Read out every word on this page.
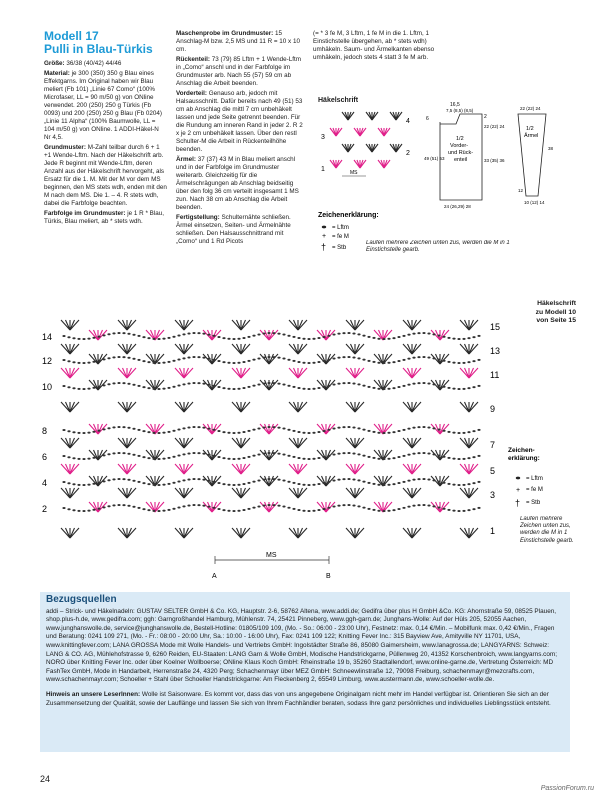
Modell 17
Pulli in Blau-Türkis

Größe: 36/38 (40/42) 44/46

Material: je 300 (350) 350 g Blau eines Effektgarns. Im Original haben wir Blau meliert (Fb 101) „Linie 67 Como“ (100% Microfaser, LL = 90 m/50 g) von ONline verwendet. 200 (250) 250 g Türkis (Fb 0093) und 200 (250) 250 g Blau (Fb 0204) „Linie 11 Alpha“ (100% Baumwolle, LL = 104 m/50 g) von ONline. 1 ADDI-Häkel-N Nr 4,5.

Grundmuster: M-Zahl teilbar durch 6 + 1 +1 Wende-Lftm. Nach der Häkelschrift arb. Jede R beginnt mit Wende-Lftm, deren Anzahl aus der Häkelschrift hervorgeht, als Ersatz für die 1. M. Mit der M vor dem MS beginnen, den MS stets wdh, enden mit den M nach dem MS. Die 1. – 4. R stets wdh, dabei die Farbfolge beachten.

Farbfolge im Grundmuster: je 1 R * Blau, Türkis, Blau meliert, ab * stets wdh.

Maschenprobe im Grundmuster: 15 Anschlag-M bzw. 2,5 MS und 11 R = 10 x 10 cm.

Rückenteil: 73 (79) 85 Lftm + 1 Wende-Lftm in „Como“ anschl und in der Farbfolge im Grundmuster arb. Nach 55 (57) 59 cm ab Anschlag die Arbeit beenden.

Vorderteil: Genauso arb, jedoch mit Halsausschnitt. Dafür bereits nach 49 (51) 53 cm ab Anschlag die mittl 7 cm unbehäkelt lassen und jede Seite getrennt beenden. Für die Rundung am inneren Rand in jeder 2. R 2 x je 2 cm unbehäkelt lassen. Über den restl Schulter-M die Arbeit in Rückenteilhöhe beenden.

Ärmel: 37 (37) 43 M in Blau meliert anschl und in der Farbfolge im Grundmuster weiterarb. Gleichzeitig für die Ärmelschrägungen ab Anschlag beidseitig über den folg 36 cm verteilt insgesamt 1 MS zun. Nach 38 cm ab Anschlag die Arbeit beenden.

Fertigstellung: Schulternähte schließen. Ärmel einsetzen, Seiten- und Ärmelnähte schließen. Den Halsausschnittrand mit „Como“ und 1 Rd Picots

(= * 3 fe M, 3 Lftm, 1 fe M in die 1. Lftm, 1 Einstichstelle übergehen, ab * stets wdh) umhäkeln. Saum- und Ärmelkanten ebenso umhäkeln, jedoch stets 4 statt 3 fe M arb.

Häkelschrift
3
1
4
2
MS
16,5
7,5 (8,5) (8,5)
6	2
22 (22) 24
33 (35) 36
49 (51) 53
1/2
Vorder-
und Rück-
enteil
24 (26,29) 28
22 (22) 24
1/2
Ärmel
38
12
10 (12) 14
Zeichenerklärung:
= Lftm
+ = fe M
† = Stb
Laufen mehrere Zeichen unten zus, werden die M in 1 Einstichstelle gearb.
15
13
11
9
7
5
3
1
14
12
10
8
6
4
2
MS
A	B
Häkelschrift
zu Modell 10
von Seite 15
Zeichen-
erklärung:
= Lftm
+ = fe M
† = Stb
Laufen mehrere Zeichen unten zus, werden die M in 1 Einstichstelle gearb.
Bezugsquellen
addi – Strick- und Häkelnadeln: GUSTAV SELTER GmbH & Co. KG, Hauptstr. 2-6, 58762 Altena, www.addi.de; Gedifra über plus H GmbH &Co. KG: Ahornstraße 59, 08525 Plauen, shop.plus-h.de, www.gedifra.com; ggh: Garngroßhandel Hamburg, Mühlenstr. 74, 25421 Pinneberg, www.ggh-garn.de; Junghans-Wolle: Auf der Hüls 205, 52055 Aachen, www.junghanswolle.de, service@junghanswolle.de, Bestell-Hotline: 01805/109 109, (Mo. - So.: 06:00 - 23:00 Uhr), Festnetz: max. 0,14 €/Min. – Mobilfunk max. 0,42 €/Min., Fragen und Beratung: 0241 109 271, (Mo. - Fr.: 08:00 - 20:00 Uhr, Sa.: 10:00 - 16:00 Uhr), Fax: 0241 109 122; Knitting Fever Inc.: 315 Bayview Ave, Amityville NY 11701, USA, www.knittingfever.com; LANA GROSSA Mode mit Wolle Handels- und Vertriebs GmbH: Ingolstädter Straße 86, 85080 Gaimersheim, www.lanagrossa.de; LANGYARNS: Schweiz: LANG & CO. AG, Mühlehofstrasse 9, 6260 Reiden, EU-Staaten: LANG Garn & Wolle GmbH, Modische Handstrickgarne, Püllenweg 20, 41352 Korschenbroich, www.langyarns.com; NORO über Knitting Fever Inc. oder über Koelner Wollboerse; ONline Klaus Koch GmbH: Rheinstraße 19 b, 35260 Stadtallendorf, www.online-garne.de, Vertretung Österreich: MD FashTex GmbH, Mode in Handarbeit, Herrenstraße 24, 4320 Perg; Schachenmayr über MEZ GmbH: Schneewlinstraße 12, 79098 Freiburg, schachenmayr@mezcrafts.com, www.schachenmayr.com; Schoeller + Stahl über Schoeller Handstrickgarne: Am Fleckenberg 2, 65549 Limburg, www.austermann.de, www.schoeller-wolle.de.
Hinweis an unsere LeserInnen: Wolle ist Saisonware. Es kommt vor, dass das von uns angegebene Originalgarn nicht mehr im Handel verfügbar ist. Orientieren Sie sich an der Zusammensetzung der Qualität, sowie der Lauflänge und lassen Sie sich von Ihrem Fachhändler beraten, sodass Ihre ganz persönliches und individuelles Lieblingsstück entsteht.
24
PassionForum.ru
